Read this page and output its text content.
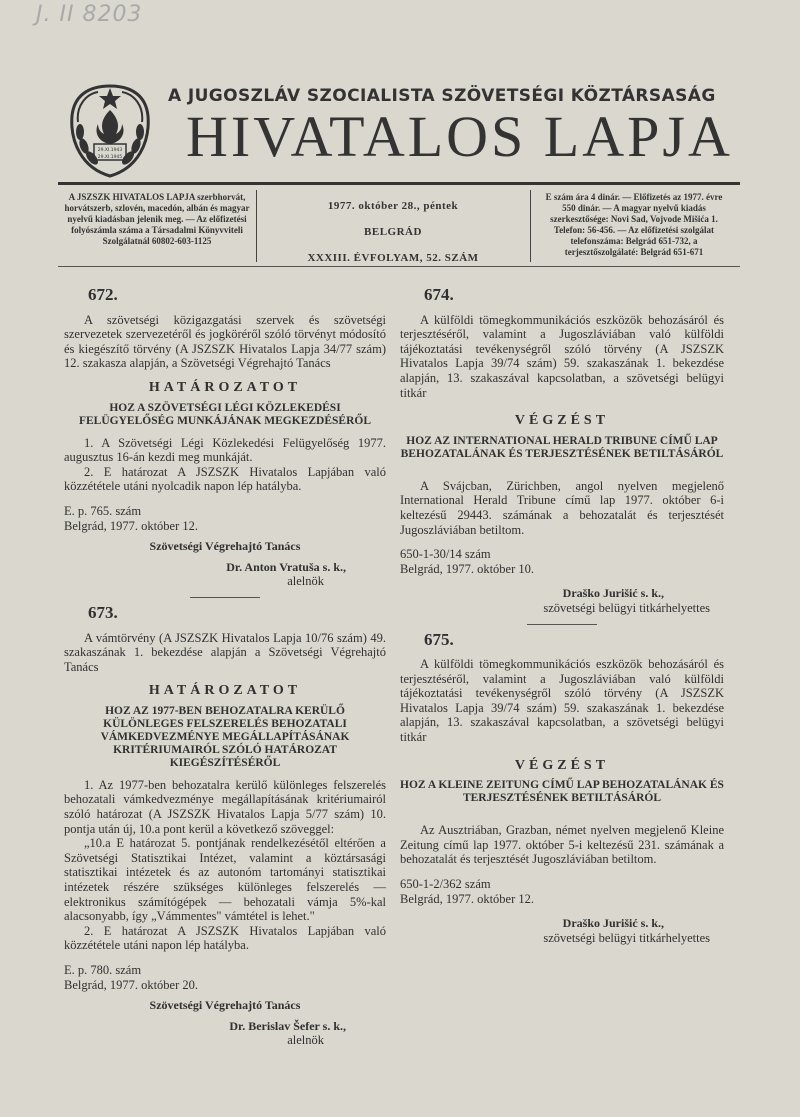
J. II 8203
29.XI.1943
29.XI.1945
A JUGOSZLÁV SZOCIALISTA SZÖVETSÉGI KÖZTÁRSASÁG
HIVATALOS LAPJA
A JSZSZK HIVATALOS LAPJA szerbhorvát, horvátszerb, szlovén, macedón, albán és magyar nyelvű kiadásban jelenik meg. — Az előfizetési folyószámla száma a Társadalmi Könyvviteli Szolgálatnál 60802-603-1125
1977. október 28., péntek
BELGRÁD
XXXIII. ÉVFOLYAM, 52. SZÁM
E szám ára 4 dinár. — Előfizetés az 1977. évre 550 dinár. — A magyar nyelvű kiadás szerkesztősége: Novi Sad, Vojvode Mišića 1. Telefon: 56-456. — Az előfizetési szolgálat telefonszáma: Belgrád 651-732, a terjesztőszolgálaté: Belgrád 651-671
672.

A szövetségi közigazgatási szervek és szövetségi szervezetek szervezetéről és jogköréről szóló törvényt módosító és kiegészítő törvény (A JSZSZK Hivatalos Lapja 34/77 szám) 12. szakasza alapján, a Szövetségi Végrehajtó Tanács

HATÁROZATOT
HOZ A SZÖVETSÉGI LÉGI KÖZLEKEDÉSI FELÜGYELŐSÉG MUNKÁJÁNAK MEGKEZDÉSÉRŐL

1. A Szövetségi Légi Közlekedési Felügyelőség 1977. augusztus 16-án kezdi meg munkáját.

2. E határozat A JSZSZK Hivatalos Lapjában való közzététele utáni nyolcadik napon lép hatályba.

E. p. 765. szám

Belgrád, 1977. október 12.

Szövetségi Végrehajtó Tanács
Dr. Anton Vratuša s. k.,

alelnök

673.

A vámtörvény (A JSZSZK Hivatalos Lapja 10/76 szám) 49. szakaszának 1. bekezdése alapján a Szövetségi Végrehajtó Tanács

HATÁROZATOT
HOZ AZ 1977-BEN BEHOZATALRA KERÜLŐ KÜLÖNLEGES FELSZERELÉS BEHOZATALI VÁMKEDVEZMÉNYE MEGÁLLAPÍTÁSÁNAK KRITÉRIUMAIRÓL SZÓLÓ HATÁROZAT KIEGÉSZÍTÉSÉRŐL

1. Az 1977-ben behozatalra kerülő különleges felszerelés behozatali vámkedvezménye megállapításának kritériumairól szóló határozat (A JSZSZK Hivatalos Lapja 5/77 szám) 10. pontja után új, 10.a pont kerül a következő szöveggel:

„10.a E határozat 5. pontjának rendelkezésétől eltérően a Szövetségi Statisztikai Intézet, valamint a köztársasági statisztikai intézetek és az autonóm tartományi statisztikai intézetek részére szükséges különleges felszerelés — elektronikus számítógépek — behozatali vámja 5%-kal alacsonyabb, így „Vámmentes" vámtétel is lehet."

2. E határozat A JSZSZK Hivatalos Lapjában való közzététele utáni napon lép hatályba.

E. p. 780. szám

Belgrád, 1977. október 20.

Szövetségi Végrehajtó Tanács
Dr. Berislav Šefer s. k.,

alelnök

674.

A külföldi tömegkommunikációs eszközök behozásáról és terjesztéséről, valamint a Jugoszláviában való külföldi tájékoztatási tevékenységről szóló törvény (A JSZSZK Hivatalos Lapja 39/74 szám) 59. szakaszának 1. bekezdése alapján, 13. szakaszával kapcsolatban, a szövetségi belügyi titkár

VÉGZÉST
HOZ AZ INTERNATIONAL HERALD TRIBUNE CÍMŰ LAP BEHOZATALÁNAK ÉS TERJESZTÉSÉNEK BETILTÁSÁRÓL

A Svájcban, Zürichben, angol nyelven megjelenő International Herald Tribune című lap 1977. október 6-i keltezésű 29443. számának a behozatalát és terjesztését Jugoszláviában betiltom.

650-1-30/14 szám

Belgrád, 1977. október 10.

Draško Jurišić s. k.,

szövetségi belügyi titkárhelyettes

675.

A külföldi tömegkommunikációs eszközök behozásáról és terjesztéséről, valamint a Jugoszláviában való külföldi tájékoztatási tevékenységről szóló törvény (A JSZSZK Hivatalos Lapja 39/74 szám) 59. szakaszának 1. bekezdése alapján, 13. szakaszával kapcsolatban, a szövetségi belügyi titkár

VÉGZÉST
HOZ A KLEINE ZEITUNG CÍMŰ LAP BEHOZATALÁNAK ÉS TERJESZTÉSÉNEK BETILTÁSÁRÓL

Az Ausztriában, Grazban, német nyelven megjelenő Kleine Zeitung című lap 1977. október 5-i keltezésű 231. számának a behozatalát és terjesztését Jugoszláviában betiltom.

650-1-2/362 szám

Belgrád, 1977. október 12.

Draško Jurišić s. k.,

szövetségi belügyi titkárhelyettes
